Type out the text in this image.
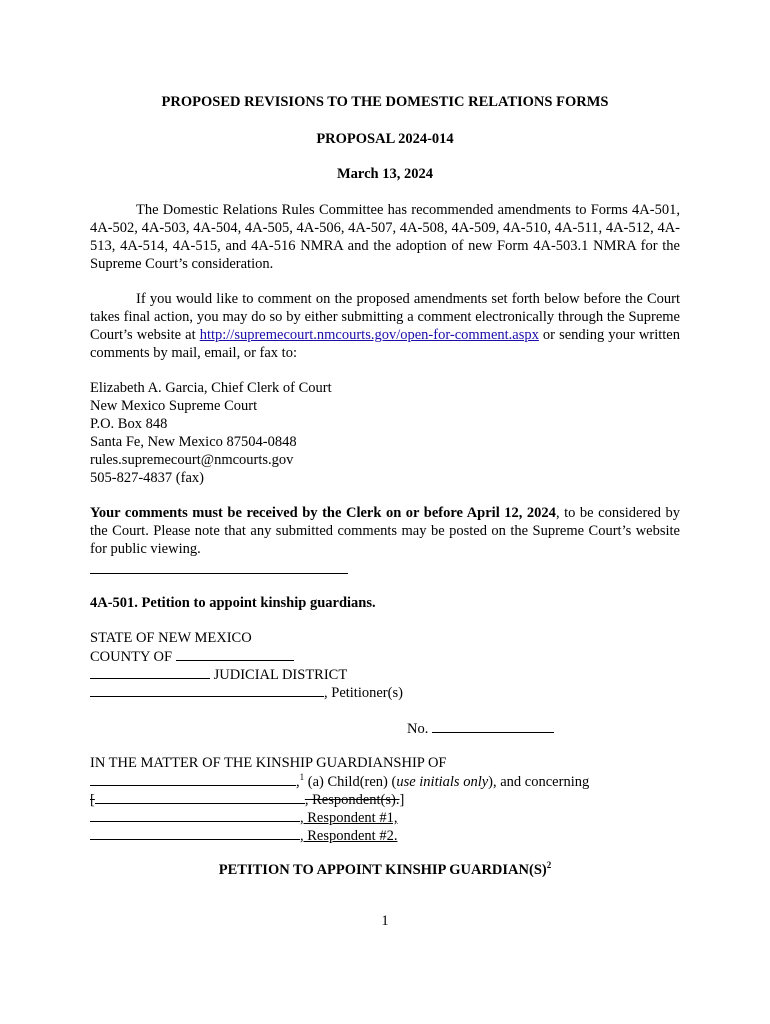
PROPOSED REVISIONS TO THE DOMESTIC RELATIONS FORMS
PROPOSAL 2024-014
March 13, 2024
The Domestic Relations Rules Committee has recommended amendments to Forms 4A-501, 4A-502, 4A-503, 4A-504, 4A-505, 4A-506, 4A-507, 4A-508, 4A-509, 4A-510, 4A-511, 4A-512, 4A-513, 4A-514, 4A-515, and 4A-516 NMRA and the adoption of new Form 4A-503.1 NMRA for the Supreme Court’s consideration.
If you would like to comment on the proposed amendments set forth below before the Court takes final action, you may do so by either submitting a comment electronically through the Supreme Court’s website at http://supremecourt.nmcourts.gov/open-for-comment.aspx or sending your written comments by mail, email, or fax to:
Elizabeth A. Garcia, Chief Clerk of Court
New Mexico Supreme Court
P.O. Box 848
Santa Fe, New Mexico 87504-0848
rules.supremecourt@nmcourts.gov
505-827-4837 (fax)
Your comments must be received by the Clerk on or before April 12, 2024, to be considered by the Court. Please note that any submitted comments may be posted on the Supreme Court’s website for public viewing.
4A-501. Petition to appoint kinship guardians.
STATE OF NEW MEXICO
COUNTY OF
JUDICIAL DISTRICT
, Petitioner(s)
No.
IN THE MATTER OF THE KINSHIP GUARDIANSHIP OF
,$^1$ (a) Child(ren) (use initials only), and concerning
[	, Respondent(s).]
, Respondent #1,
, Respondent #2.
PETITION TO APPOINT KINSHIP $GUARDIAN(S)^2$
1
